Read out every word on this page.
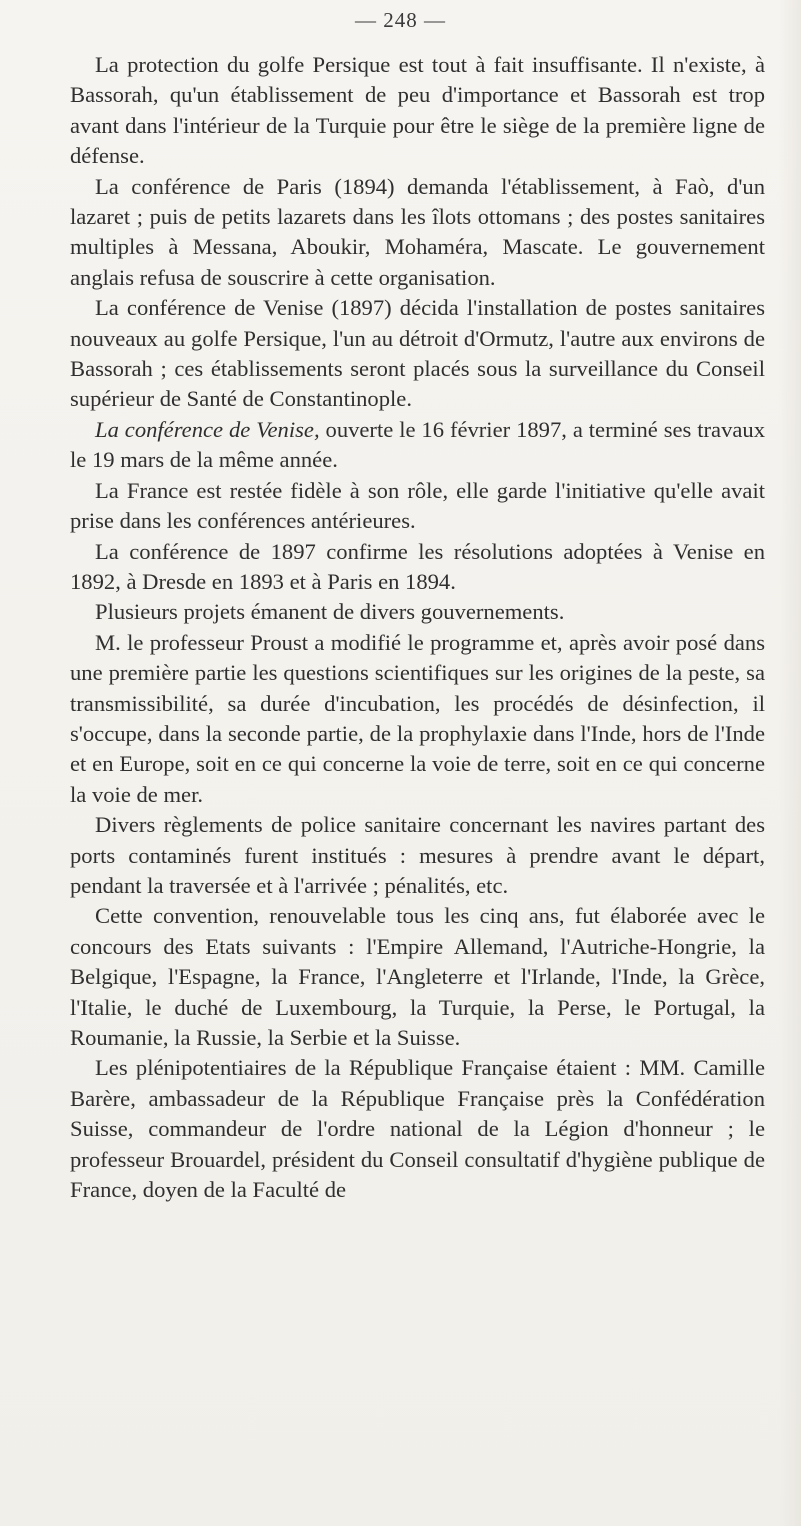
— 248 —

La protection du golfe Persique est tout à fait insuffisante. Il n'existe, à Bassorah, qu'un établissement de peu d'importance et Bassorah est trop avant dans l'intérieur de la Turquie pour être le siège de la première ligne de défense.

La conférence de Paris (1894) demanda l'établissement, à Faò, d'un lazaret ; puis de petits lazarets dans les îlots ottomans ; des postes sanitaires multiples à Messana, Aboukir, Mohaméra, Mascate. Le gouvernement anglais refusa de souscrire à cette organisation.

La conférence de Venise (1897) décida l'installation de postes sanitaires nouveaux au golfe Persique, l'un au détroit d'Ormutz, l'autre aux environs de Bassorah ; ces établissements seront placés sous la surveillance du Conseil supérieur de Santé de Constantinople.

La conférence de Venise, ouverte le 16 février 1897, a terminé ses travaux le 19 mars de la même année.

La France est restée fidèle à son rôle, elle garde l'initiative qu'elle avait prise dans les conférences antérieures.

La conférence de 1897 confirme les résolutions adoptées à Venise en 1892, à Dresde en 1893 et à Paris en 1894.

Plusieurs projets émanent de divers gouvernements.

M. le professeur Proust a modifié le programme et, après avoir posé dans une première partie les questions scientifiques sur les origines de la peste, sa transmissibilité, sa durée d'incubation, les procédés de désinfection, il s'occupe, dans la seconde partie, de la prophylaxie dans l'Inde, hors de l'Inde et en Europe, soit en ce qui concerne la voie de terre, soit en ce qui concerne la voie de mer.

Divers règlements de police sanitaire concernant les navires partant des ports contaminés furent institués : mesures à prendre avant le départ, pendant la traversée et à l'arrivée ; pénalités, etc.

Cette convention, renouvelable tous les cinq ans, fut élaborée avec le concours des Etats suivants : l'Empire Allemand, l'Autriche-Hongrie, la Belgique, l'Espagne, la France, l'Angleterre et l'Irlande, l'Inde, la Grèce, l'Italie, le duché de Luxembourg, la Turquie, la Perse, le Portugal, la Roumanie, la Russie, la Serbie et la Suisse.

Les plénipotentiaires de la République Française étaient : MM. Camille Barère, ambassadeur de la République Française près la Confédération Suisse, commandeur de l'ordre national de la Légion d'honneur ; le professeur Brouardel, président du Conseil consultatif d'hygiène publique de France, doyen de la Faculté de
